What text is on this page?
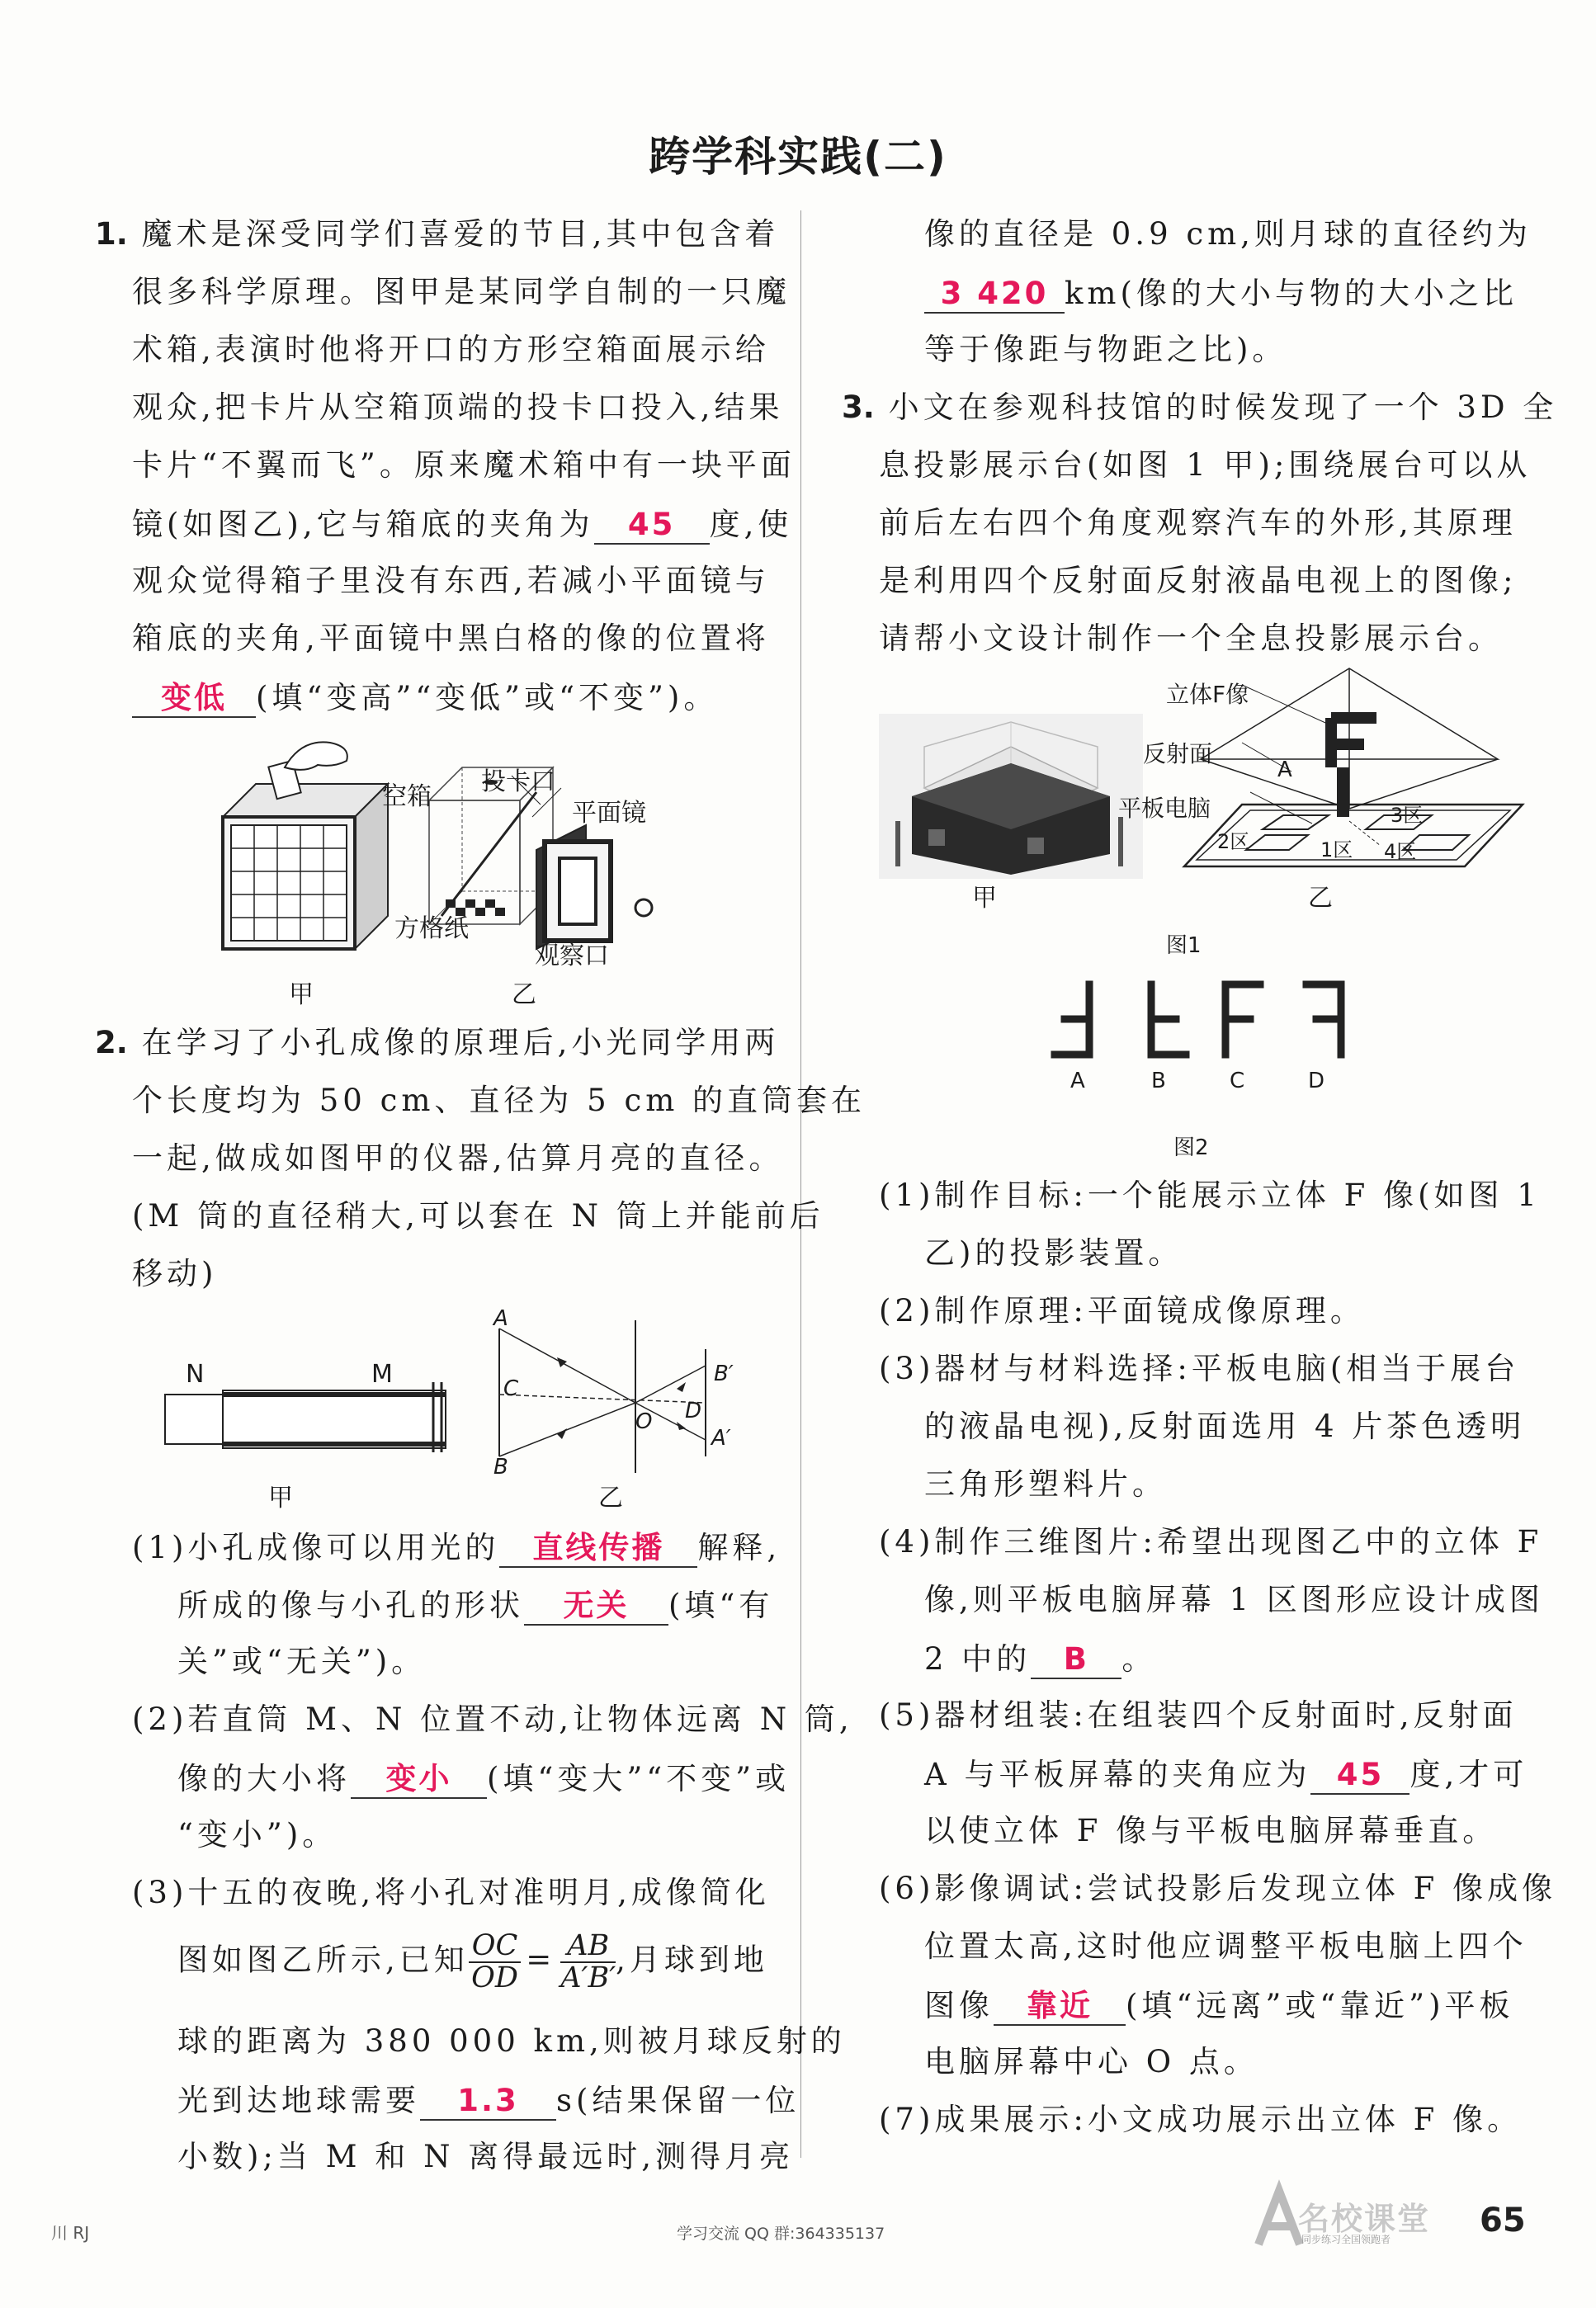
跨学科实践(二)
1. 魔术是深受同学们喜爱的节目,其中包含着
很多科学原理。图甲是某同学自制的一只魔
术箱,表演时他将开口的方形空箱面展示给
观众,把卡片从空箱顶端的投卡口投入,结果
卡片“不翼而飞”。原来魔术箱中有一块平面
镜(如图乙),它与箱底的夹角为 45 度,使
观众觉得箱子里没有东西,若减小平面镜与
箱底的夹角,平面镜中黑白格的像的位置将
变低 (填“变高”“变低”或“不变”)。
空箱
投卡口
平面镜
方格纸
观察口
甲	乙
2. 在学习了小孔成像的原理后,小光同学用两
个长度均为 50 cm、直径为 5 cm 的直筒套在
一起,做成如图甲的仪器,估算月亮的直径。
(M 筒的直径稍大,可以套在 N 筒上并能前后
移动)
N	M
A
B
C
O D
B′
A′
甲	乙
(1)小孔成像可以用光的 直线传播 解释,
所成的像与小孔的形状 无关 (填“有
关”或“无关”)。
(2)若直筒 M、N 位置不动,让物体远离 N 筒,
像的大小将 变小 (填“变大”“不变”或
“变小”)。
(3)十五的夜晚,将小孔对准明月,成像简化
图如图乙所示,已知 $\frac{OC}{OD} = \frac{AB}{A'B'}$ ,月球到地
球的距离为 380 000 km,则被月球反射的
光到达地球需要 1.3 s(结果保留一位
小数);当 M 和 N 离得最远时,测得月亮
像的直径是 0.9 cm,则月球的直径约为
3 420 km(像的大小与物的大小之比
等于像距与物距之比)。
3. 小文在参观科技馆的时候发现了一个 3D 全
息投影展示台(如图 1 甲);围绕展台可以从
前后左右四个角度观察汽车的外形,其原理
是利用四个反射面反射液晶电视上的图像;
请帮小文设计制作一个全息投影展示台。
立体F像
反射面
平板电脑
A
1区
2区
3区
4区
甲	乙
图1
A	B	C	D
图2
(1)制作目标:一个能展示立体 F 像(如图 1
乙)的投影装置。
(2)制作原理:平面镜成像原理。
(3)器材与材料选择:平板电脑(相当于展台
的液晶电视),反射面选用 4 片茶色透明
三角形塑料片。
(4)制作三维图片:希望出现图乙中的立体 F
像,则平板电脑屏幕 1 区图形应设计成图
2 中的 B 。
(5)器材组装:在组装四个反射面时,反射面
A 与平板屏幕的夹角应为 45 度,才可
以使立体 F 像与平板电脑屏幕垂直。
(6)影像调试:尝试投影后发现立体 F 像成像
位置太高,这时他应调整平板电脑上四个
图像 靠近 (填“远离”或“靠近”)平板
电脑屏幕中心 O 点。
(7)成果展示:小文成功展示出立体 F 像。
川 RJ	学习交流 QQ 群:364335137	名校课堂
同步练习全国领跑者	65
